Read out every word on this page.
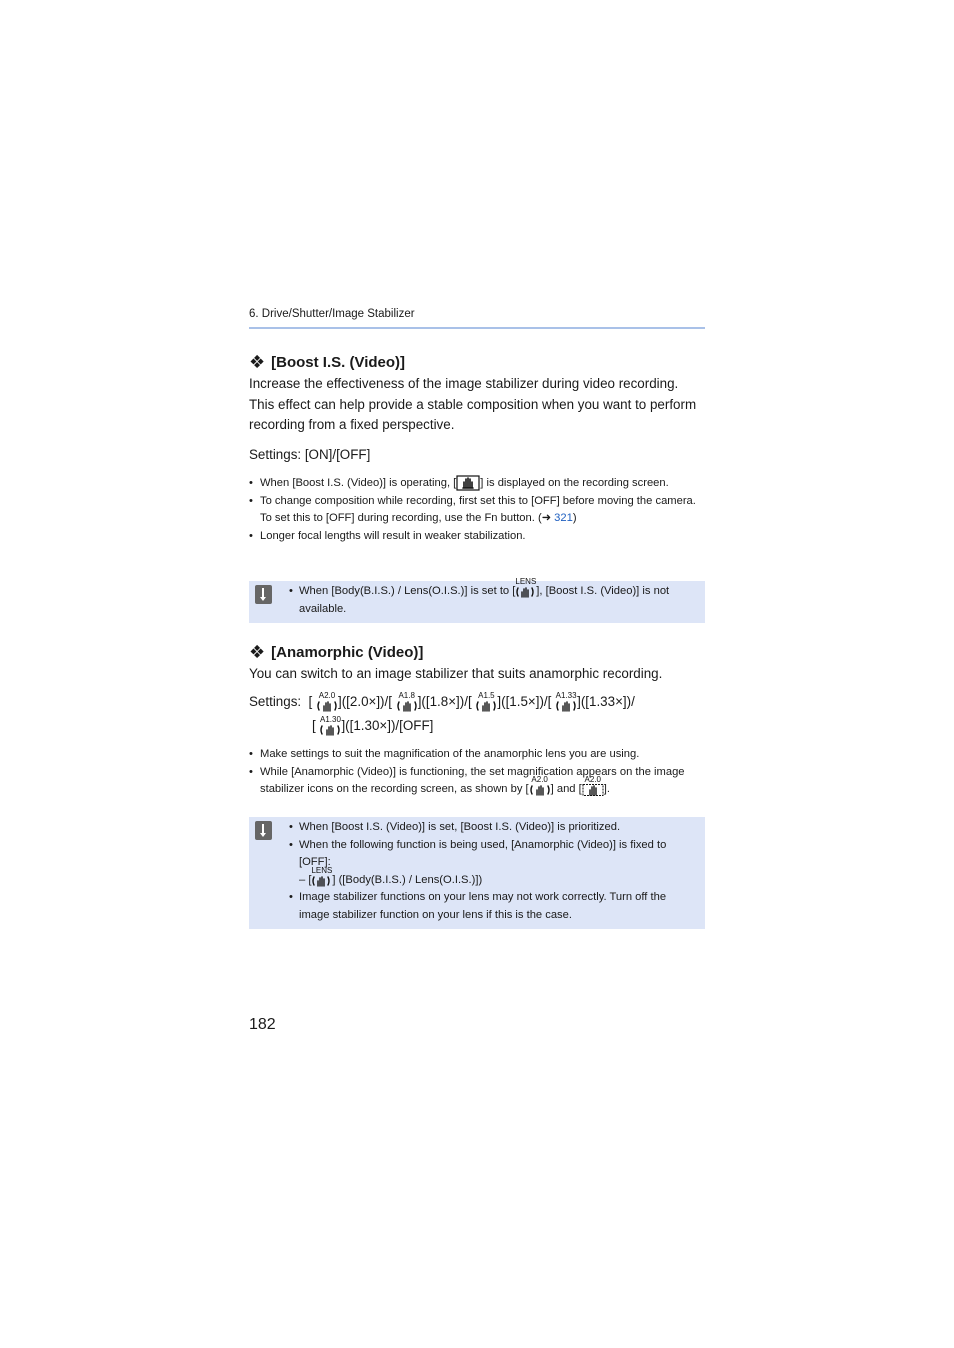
6. Drive/Shutter/Image Stabilizer
❖ [Boost I.S. (Video)]
Increase the effectiveness of the image stabilizer during video recording. This effect can help provide a stable composition when you want to perform recording from a fixed perspective.
Settings: [ON]/[OFF]
• When [Boost I.S. (Video)] is operating, [ ] is displayed on the recording screen.
• To change composition while recording, first set this to [OFF] before moving the camera.
To set this to [OFF] during recording, use the Fn button. (➜ 321)
• Longer focal lengths will result in weaker stabilization.
• When [Body(B.I.S.) / Lens(O.I.S.)] is set to [
LENS
], [Boost I.S. (Video)] is not available.
❖ [Anamorphic (Video)]
You can switch to an image stabilizer that suits anamorphic recording.
Settings:  [ A2.0 ]([2.0×])/[ A1.8 ]([1.8×])/[ A1.5 ]([1.5×])/[ A1.33 ]([1.33×])/
[ A1.30 ]([1.30×])/[OFF]
• Make settings to suit the magnification of the anamorphic lens you are using.
• While [Anamorphic (Video)] is functioning, the set magnification appears on the image stabilizer icons on the recording screen, as shown by [
A2.0
] and [
A2.0
].
• When [Boost I.S. (Video)] is set, [Boost I.S. (Video)] is prioritized.
• When the following function is being used, [Anamorphic (Video)] is fixed to [OFF]:
– [
LENS
] ([Body(B.I.S.) / Lens(O.I.S.)])
• Image stabilizer functions on your lens may not work correctly. Turn off the image stabilizer function on your lens if this is the case.
182
